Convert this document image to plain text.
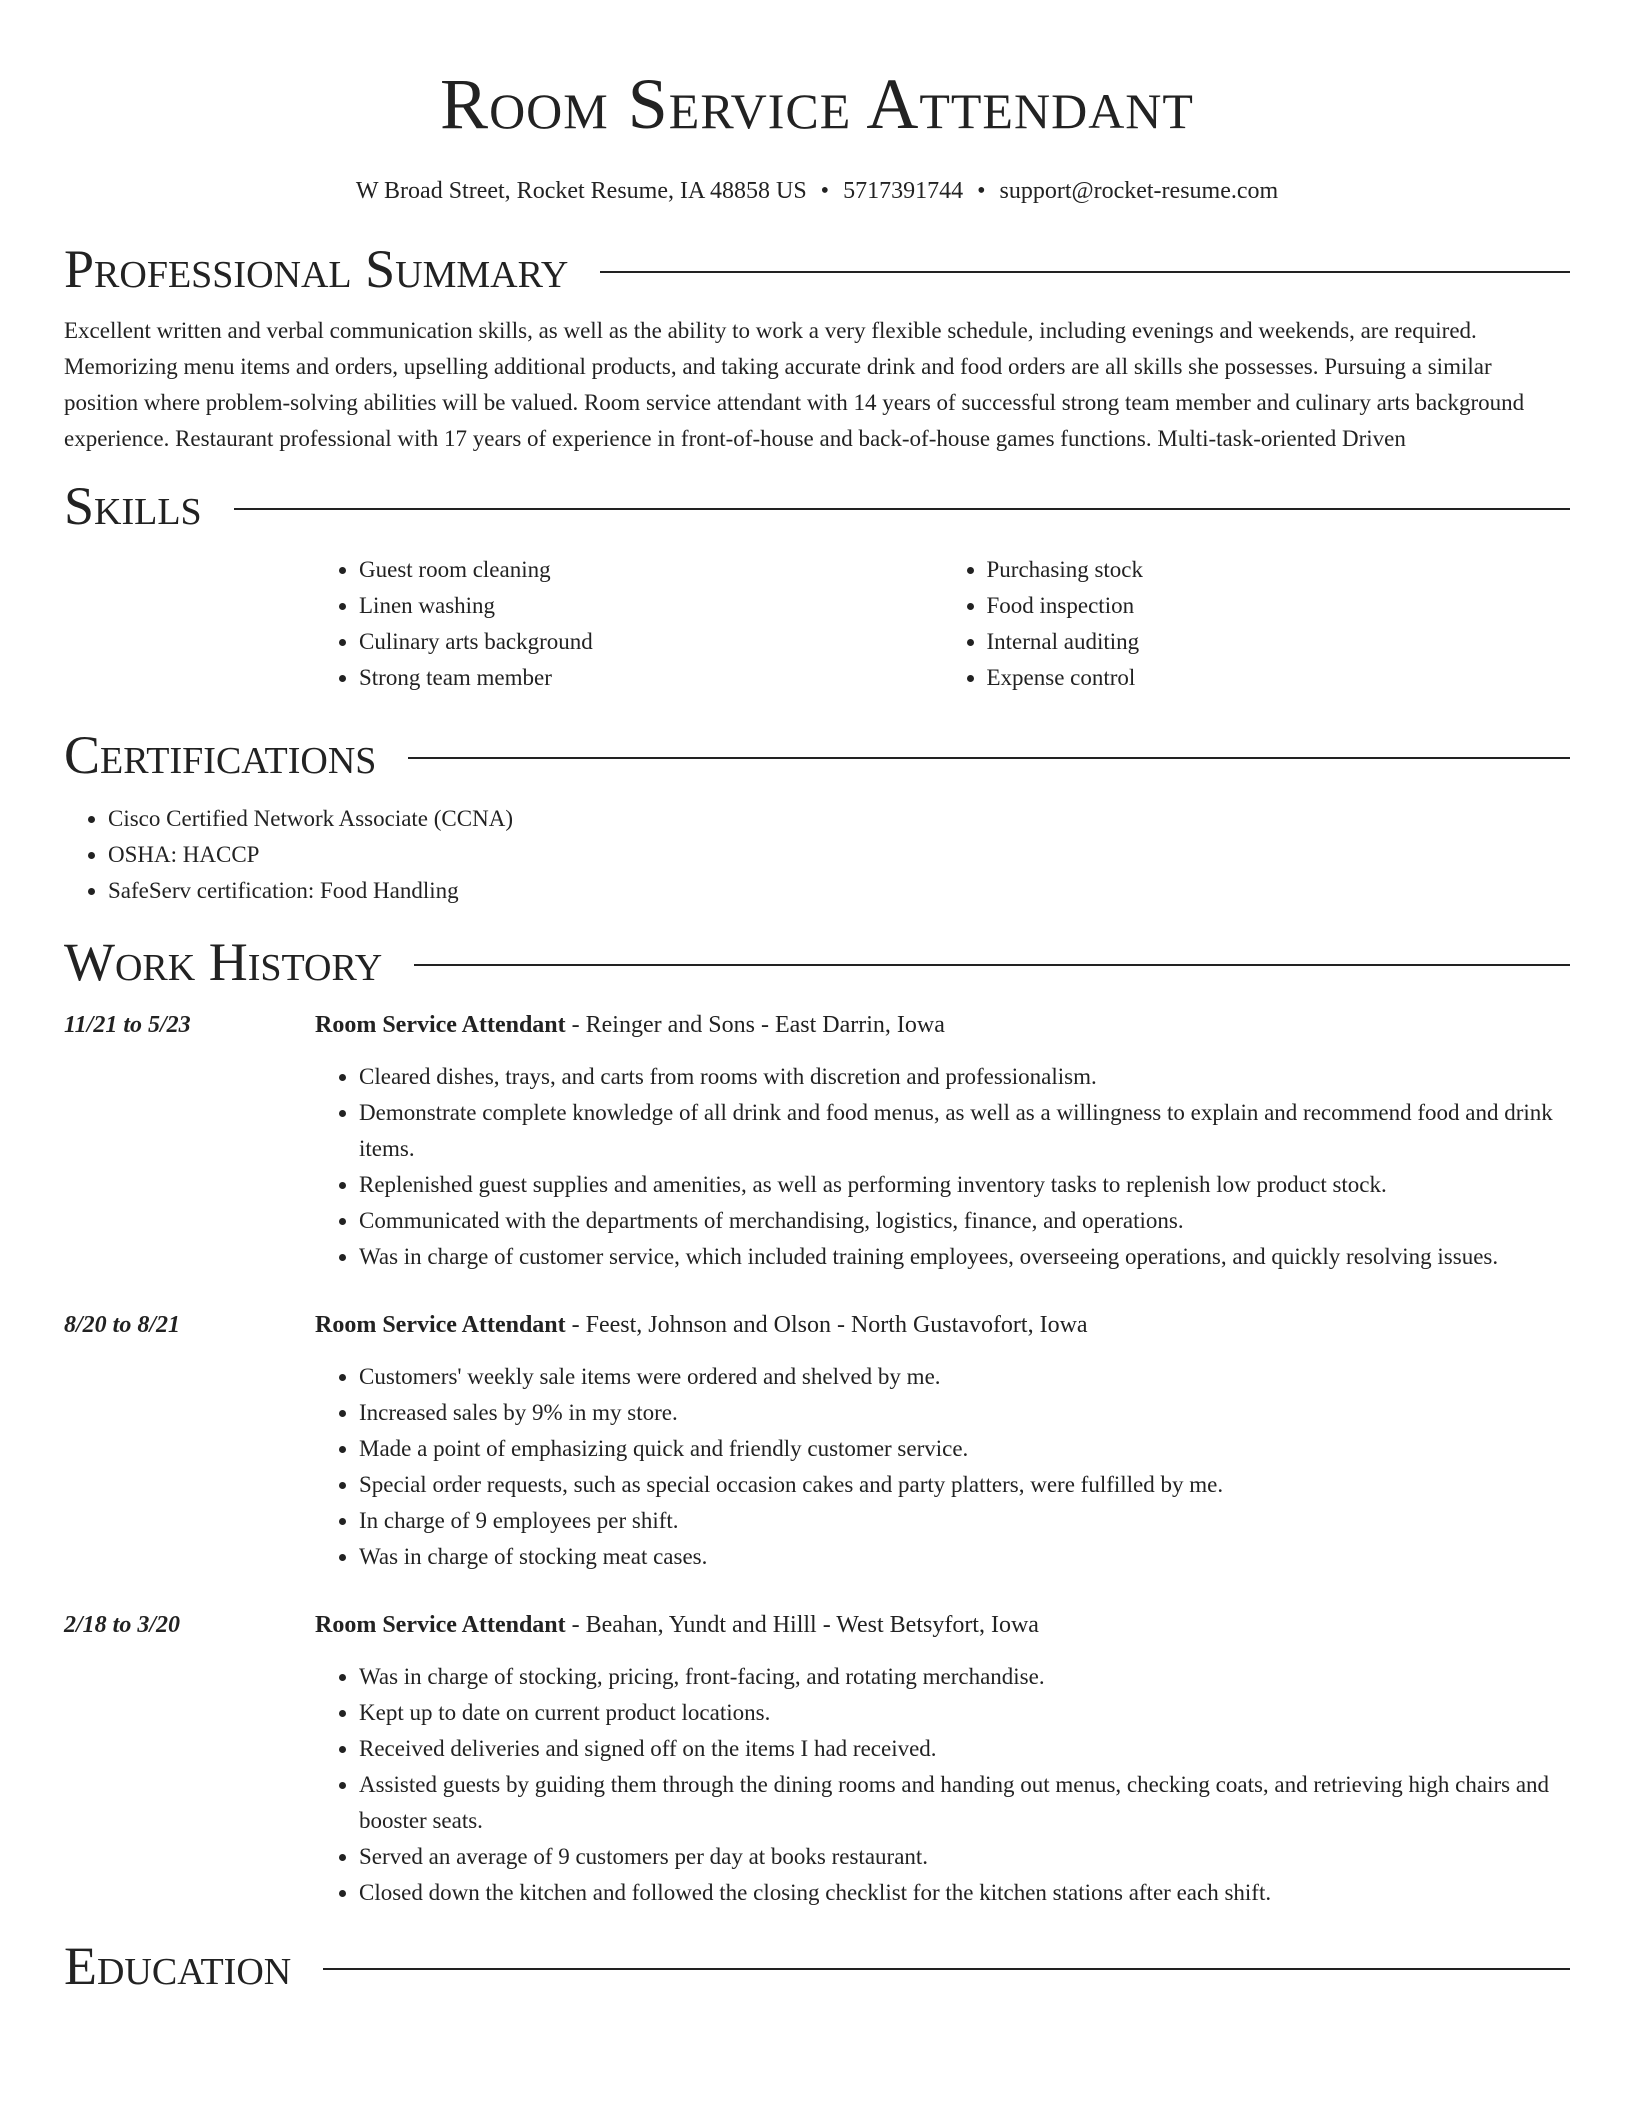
Room Service Attendant
W Broad Street, Rocket Resume, IA 48858 US • 5717391744 • support@rocket-resume.com
Professional Summary

Excellent written and verbal communication skills, as well as the ability to work a very flexible schedule, including evenings and weekends, are required. Memorizing menu items and orders, upselling additional products, and taking accurate drink and food orders are all skills she possesses. Pursuing a similar position where problem-solving abilities will be valued. Room service attendant with 14 years of successful strong team member and culinary arts background experience. Restaurant professional with 17 years of experience in front-of-house and back-of-house games functions. Multi-task-oriented Driven

Skills
• Guest room cleaning
• Linen washing
• Culinary arts background
• Strong team member
• Purchasing stock
• Food inspection
• Internal auditing
• Expense control
Certifications
• Cisco Certified Network Associate (CCNA)
• OSHA: HACCP
• SafeServ certification: Food Handling
Work History
11/21 to 5/23	Room Service Attendant - Reinger and Sons - East Darrin, Iowa
• Cleared dishes, trays, and carts from rooms with discretion and professionalism.
• Demonstrate complete knowledge of all drink and food menus, as well as a willingness to explain and recommend food and drink items.
• Replenished guest supplies and amenities, as well as performing inventory tasks to replenish low product stock.
• Communicated with the departments of merchandising, logistics, finance, and operations.
• Was in charge of customer service, which included training employees, overseeing operations, and quickly resolving issues.
8/20 to 8/21	Room Service Attendant - Feest, Johnson and Olson - North Gustavofort, Iowa
• Customers' weekly sale items were ordered and shelved by me.
• Increased sales by 9% in my store.
• Made a point of emphasizing quick and friendly customer service.
• Special order requests, such as special occasion cakes and party platters, were fulfilled by me.
• In charge of 9 employees per shift.
• Was in charge of stocking meat cases.
2/18 to 3/20	Room Service Attendant - Beahan, Yundt and Hilll - West Betsyfort, Iowa
• Was in charge of stocking, pricing, front-facing, and rotating merchandise.
• Kept up to date on current product locations.
• Received deliveries and signed off on the items I had received.
• Assisted guests by guiding them through the dining rooms and handing out menus, checking coats, and retrieving high chairs and booster seats.
• Served an average of 9 customers per day at books restaurant.
• Closed down the kitchen and followed the closing checklist for the kitchen stations after each shift.
Education
